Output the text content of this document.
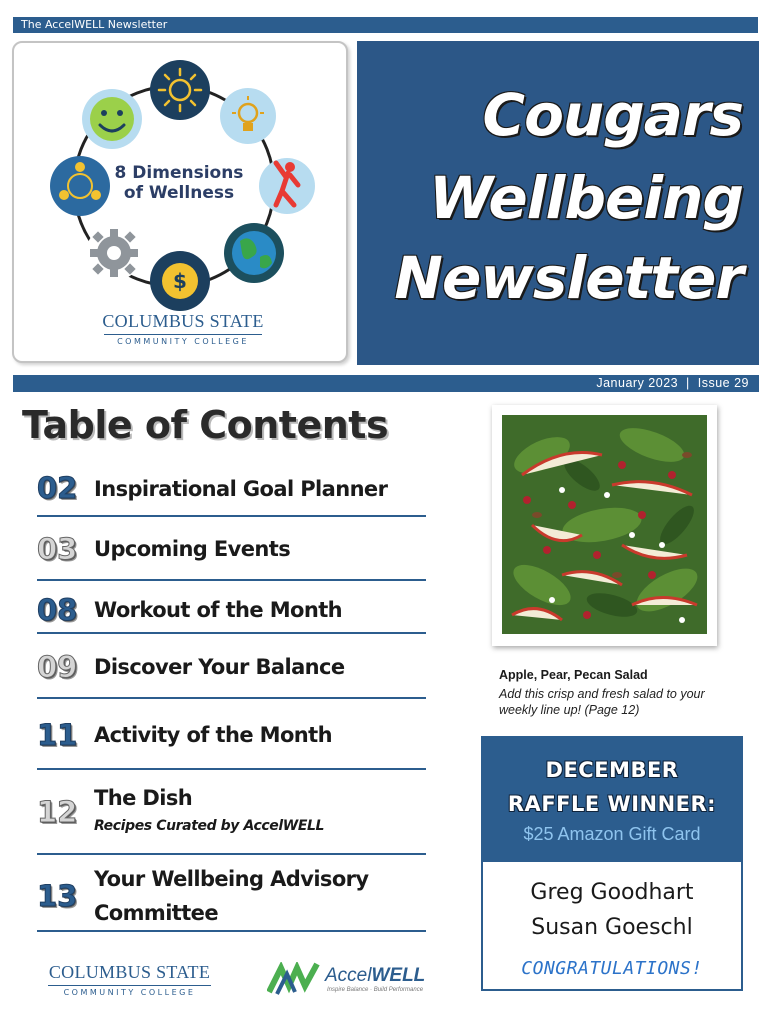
The AccelWELL Newsletter
8 Dimensions
of Wellness
$
COLUMBUS STATE
COMMUNITY COLLEGE
Cougars
Wellbeing
Newsletter
January 2023  |  Issue 29
Table of Contents
02 Inspirational Goal Planner
03 Upcoming Events
08 Workout of the Month
09 Discover Your Balance
11 Activity of the Month
12 The Dish
Recipes Curated by AccelWELL
13 Your Wellbeing Advisory
Committee
Apple, Pear, Pecan Salad
Add this crisp and fresh salad to your weekly line up! (Page 12)
DECEMBER
RAFFLE WINNER:
$25 Amazon Gift Card
Greg Goodhart
Susan Goeschl
CONGRATULATIONS!
COLUMBUS STATE
COMMUNITY COLLEGE
AccelWELL
Inspire Balance · Build Performance
